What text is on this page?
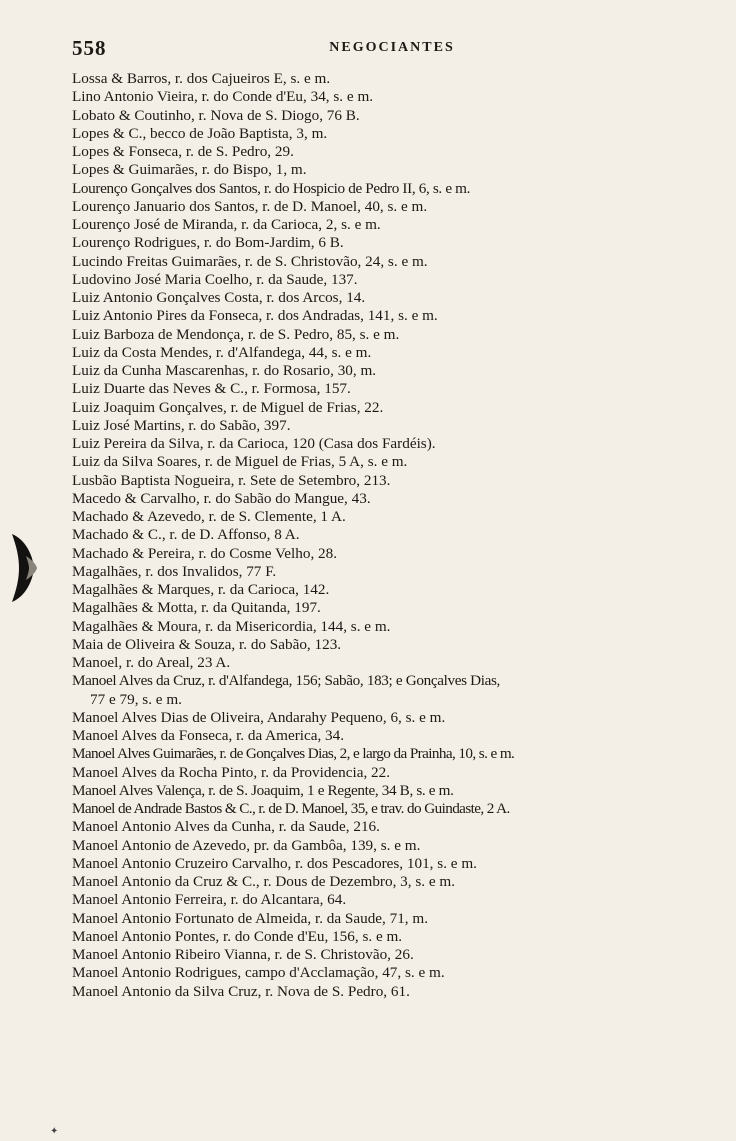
558	NEGOCIANTES
Lossa & Barros, r. dos Cajueiros E, s. e m.
Lino Antonio Vieira, r. do Conde d'Eu, 34, s. e m.
Lobato & Coutinho, r. Nova de S. Diogo, 76 B.
Lopes & C., becco de João Baptista, 3, m.
Lopes & Fonseca, r. de S. Pedro, 29.
Lopes & Guimarães, r. do Bispo, 1, m.
Lourenço Gonçalves dos Santos, r. do Hospicio de Pedro II, 6, s. e m.
Lourenço Januario dos Santos, r. de D. Manoel, 40, s. e m.
Lourenço José de Miranda, r. da Carioca, 2, s. e m.
Lourenço Rodrigues, r. do Bom-Jardim, 6 B.
Lucindo Freitas Guimarães, r. de S. Christovão, 24, s. e m.
Ludovino José Maria Coelho, r. da Saude, 137.
Luiz Antonio Gonçalves Costa, r. dos Arcos, 14.
Luiz Antonio Pires da Fonseca, r. dos Andradas, 141, s. e m.
Luiz Barboza de Mendonça, r. de S. Pedro, 85, s. e m.
Luiz da Costa Mendes, r. d'Alfandega, 44, s. e m.
Luiz da Cunha Mascarenhas, r. do Rosario, 30, m.
Luiz Duarte das Neves & C., r. Formosa, 157.
Luiz Joaquim Gonçalves, r. de Miguel de Frias, 22.
Luiz José Martins, r. do Sabão, 397.
Luiz Pereira da Silva, r. da Carioca, 120 (Casa dos Fardéis).
Luiz da Silva Soares, r. de Miguel de Frias, 5 A, s. e m.
Lusbão Baptista Nogueira, r. Sete de Setembro, 213.
Macedo & Carvalho, r. do Sabão do Mangue, 43.
Machado & Azevedo, r. de S. Clemente, 1 A.
Machado & C., r. de D. Affonso, 8 A.
Machado & Pereira, r. do Cosme Velho, 28.
Magalhães, r. dos Invalidos, 77 F.
Magalhães & Marques, r. da Carioca, 142.
Magalhães & Motta, r. da Quitanda, 197.
Magalhães & Moura, r. da Misericordia, 144, s. e m.
Maia de Oliveira & Souza, r. do Sabão, 123.
Manoel, r. do Areal, 23 A.
Manoel Alves da Cruz, r. d'Alfandega, 156; Sabão, 183; e Gonçalves Dias,
77 e 79, s. e m.
Manoel Alves Dias de Oliveira, Andarahy Pequeno, 6, s. e m.
Manoel Alves da Fonseca, r. da America, 34.
Manoel Alves Guimarães, r. de Gonçalves Dias, 2, e largo da Prainha, 10, s. e m.
Manoel Alves da Rocha Pinto, r. da Providencia, 22.
Manoel Alves Valença, r. de S. Joaquim, 1 e Regente, 34 B, s. e m.
Manoel de Andrade Bastos & C., r. de D. Manoel, 35, e trav. do Guindaste, 2 A.
Manoel Antonio Alves da Cunha, r. da Saude, 216.
Manoel Antonio de Azevedo, pr. da Gambôa, 139, s. e m.
Manoel Antonio Cruzeiro Carvalho, r. dos Pescadores, 101, s. e m.
Manoel Antonio da Cruz & C., r. Dous de Dezembro, 3, s. e m.
Manoel Antonio Ferreira, r. do Alcantara, 64.
Manoel Antonio Fortunato de Almeida, r. da Saude, 71, m.
Manoel Antonio Pontes, r. do Conde d'Eu, 156, s. e m.
Manoel Antonio Ribeiro Vianna, r. de S. Christovão, 26.
Manoel Antonio Rodrigues, campo d'Acclamação, 47, s. e m.
Manoel Antonio da Silva Cruz, r. Nova de S. Pedro, 61.
✦
